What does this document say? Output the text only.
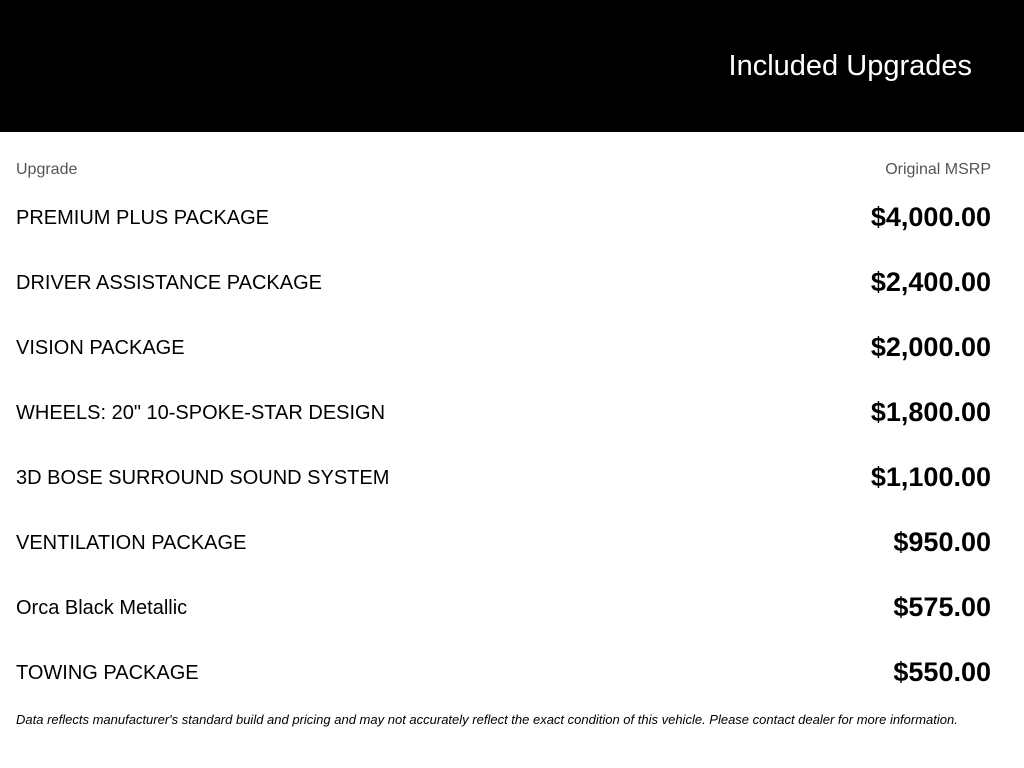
Included Upgrades
Upgrade	Original MSRP
PREMIUM PLUS PACKAGE	$4,000.00
DRIVER ASSISTANCE PACKAGE	$2,400.00
VISION PACKAGE	$2,000.00
WHEELS: 20" 10-SPOKE-STAR DESIGN	$1,800.00
3D BOSE SURROUND SOUND SYSTEM	$1,100.00
VENTILATION PACKAGE	$950.00
Orca Black Metallic	$575.00
TOWING PACKAGE	$550.00
Data reflects manufacturer's standard build and pricing and may not accurately reflect the exact condition of this vehicle. Please contact dealer for more information.
